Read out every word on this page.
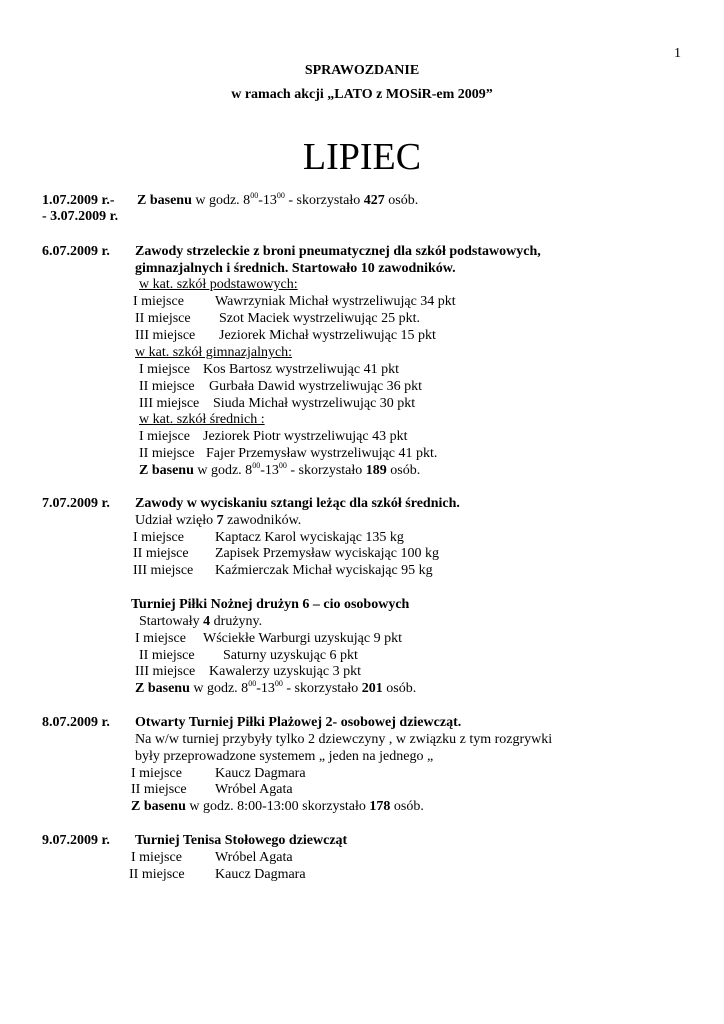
1
SPRAWOZDANIE
w ramach akcji „LATO z MOSiR-em 2009”
LIPIEC
1.07.2009 r.-
- 3.07.2009 r.
Z basenu w godz. $8^{00}-13^{00}$ - skorzystało 427 osób.
6.07.2009 r. Zawody strzeleckie z broni pneumatycznej dla szkół podstawowych,
gimnazjalnych i średnich. Startowało 10 zawodników.
w kat. szkół podstawowych:
I miejsce Wawrzyniak Michał wystrzeliwując 34 pkt
II miejsce Szot Maciek wystrzeliwując 25 pkt.
III miejsce Jeziorek Michał wystrzeliwując 15 pkt
w kat. szkół gimnazjalnych:
I miejsce Kos Bartosz wystrzeliwując 41 pkt
II miejsce Gurbała Dawid wystrzeliwując 36 pkt
III miejsce Siuda Michał wystrzeliwując 30 pkt
w kat. szkół średnich :
I miejsce Jeziorek Piotr wystrzeliwując 43 pkt
II miejsce Fajer Przemysław wystrzeliwując 41 pkt.
Z basenu w godz. $8^{00}-13^{00}$ - skorzystało 189 osób.
7.07.2009 r. Zawody w wyciskaniu sztangi leżąc dla szkół średnich.
Udział wzięło 7 zawodników.
I miejsce Kaptacz Karol wyciskając 135 kg
II miejsce Zapisek Przemysław wyciskając 100 kg
III miejsce Kaźmierczak Michał wyciskając 95 kg
Turniej Piłki Nożnej drużyn 6 – cio osobowych
Startowały 4 drużyny.
I miejsce Wściekłe Warburgi uzyskując 9 pkt
II miejsce Saturny uzyskując 6 pkt
III miejsce Kawalerzy uzyskując 3 pkt
Z basenu w godz. $8^{00}-13^{00}$ - skorzystało 201 osób.
8.07.2009 r. Otwarty Turniej Piłki Plażowej 2- osobowej dziewcząt.
Na w/w turniej przybyły tylko 2 dziewczyny , w związku z tym rozgrywki
były przeprowadzone systemem „ jeden na jednego „
I miejsce Kaucz Dagmara
II miejsce Wróbel Agata
Z basenu w godz. 8:00-13:00 skorzystało 178 osób.
9.07.2009 r. Turniej Tenisa Stołowego dziewcząt
I miejsce Wróbel Agata
II miejsce Kaucz Dagmara
